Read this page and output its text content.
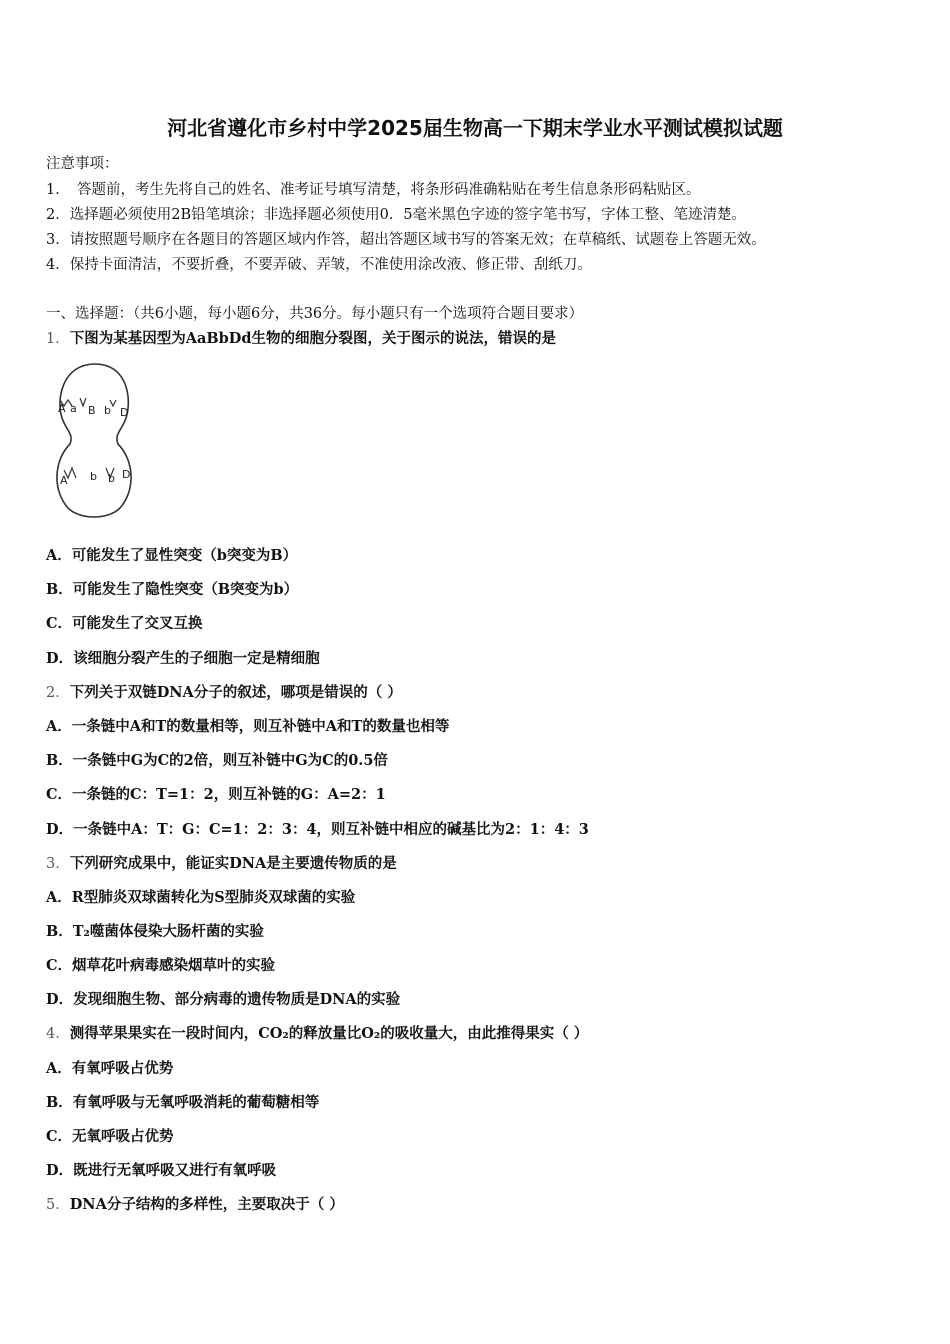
河北省遵化市乡村中学2025届生物高一下期末学业水平测试模拟试题
注意事项：
1．　答题前，考生先将自己的姓名、准考证号填写清楚，将条形码准确粘贴在考生信息条形码粘贴区。
2．选择题必须使用2B铅笔填涂；非选择题必须使用0．5毫米黑色字迹的签字笔书写，字体工整、笔迹清楚。
3．请按照题号顺序在各题目的答题区域内作答，超出答题区域书写的答案无效；在草稿纸、试题卷上答题无效。
4．保持卡面清洁，不要折叠，不要弄破、弄皱，不准使用涂改液、修正带、刮纸刀。
一、选择题：（共6小题，每小题6分，共36分。每小题只有一个选项符合题目要求）
1．下图为某基因型为AaBbDd生物的细胞分裂图，关于图示的说法，错误的是
A a B b D
A b b D
A．可能发生了显性突变（b突变为B）
B．可能发生了隐性突变（B突变为b）
C．可能发生了交叉互换
D．该细胞分裂产生的子细胞一定是精细胞
2．下列关于双链DNA分子的叙述，哪项是错误的（ ）
A．一条链中A和T的数量相等，则互补链中A和T的数量也相等
B．一条链中G为C的2倍，则互补链中G为C的0.5倍
C．一条链的C：T=1：2，则互补链的G：A=2：1
D．一条链中A：T：G：C=1：2：3：4，则互补链中相应的碱基比为2：1：4：3
3．下列研究成果中，能证实DNA是主要遗传物质的是
A．R型肺炎双球菌转化为S型肺炎双球菌的实验
B．T₂噬菌体侵染大肠杆菌的实验
C．烟草花叶病毒感染烟草叶的实验
D．发现细胞生物、部分病毒的遗传物质是DNA的实验
4．测得苹果果实在一段时间内，CO₂的释放量比O₂的吸收量大，由此推得果实（ ）
A．有氧呼吸占优势
B．有氧呼吸与无氧呼吸消耗的葡萄糖相等
C．无氧呼吸占优势
D．既进行无氧呼吸又进行有氧呼吸
5．DNA分子结构的多样性，主要取决于（ ）
